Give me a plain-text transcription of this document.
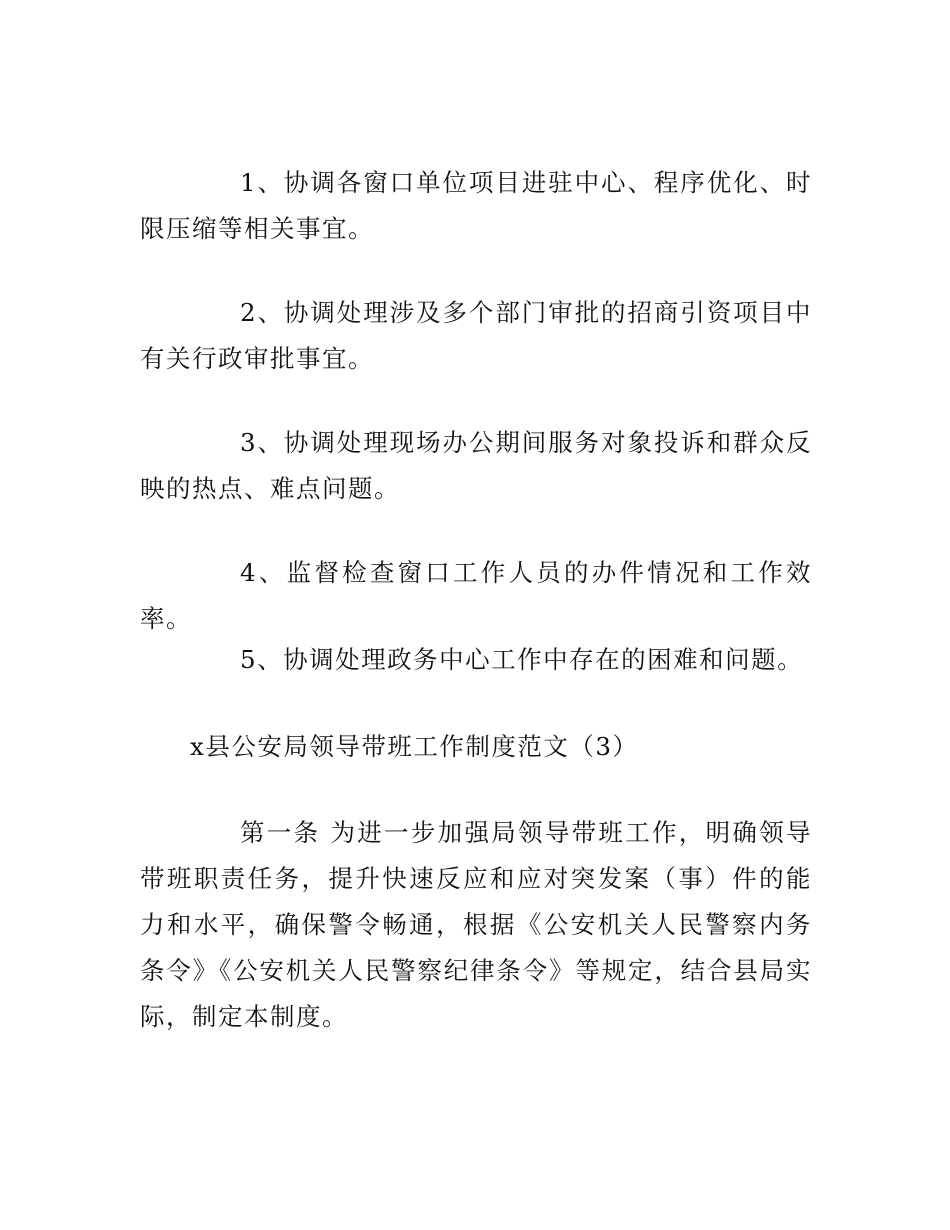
1、协调各窗口单位项目进驻中心、程序优化、时限压缩等相关事宜。

2、协调处理涉及多个部门审批的招商引资项目中有关行政审批事宜。

3、协调处理现场办公期间服务对象投诉和群众反映的热点、难点问题。

4、监督检查窗口工作人员的办件情况和工作效率。

5、协调处理政务中心工作中存在的困难和问题。

x县公安局领导带班工作制度范文（3）

第一条 为进一步加强局领导带班工作，明确领导带班职责任务，提升快速反应和应对突发案（事）件的能力和水平，确保警令畅通，根据《公安机关人民警察内务条令》《公安机关人民警察纪律条令》等规定，结合县局实际，制定本制度。
